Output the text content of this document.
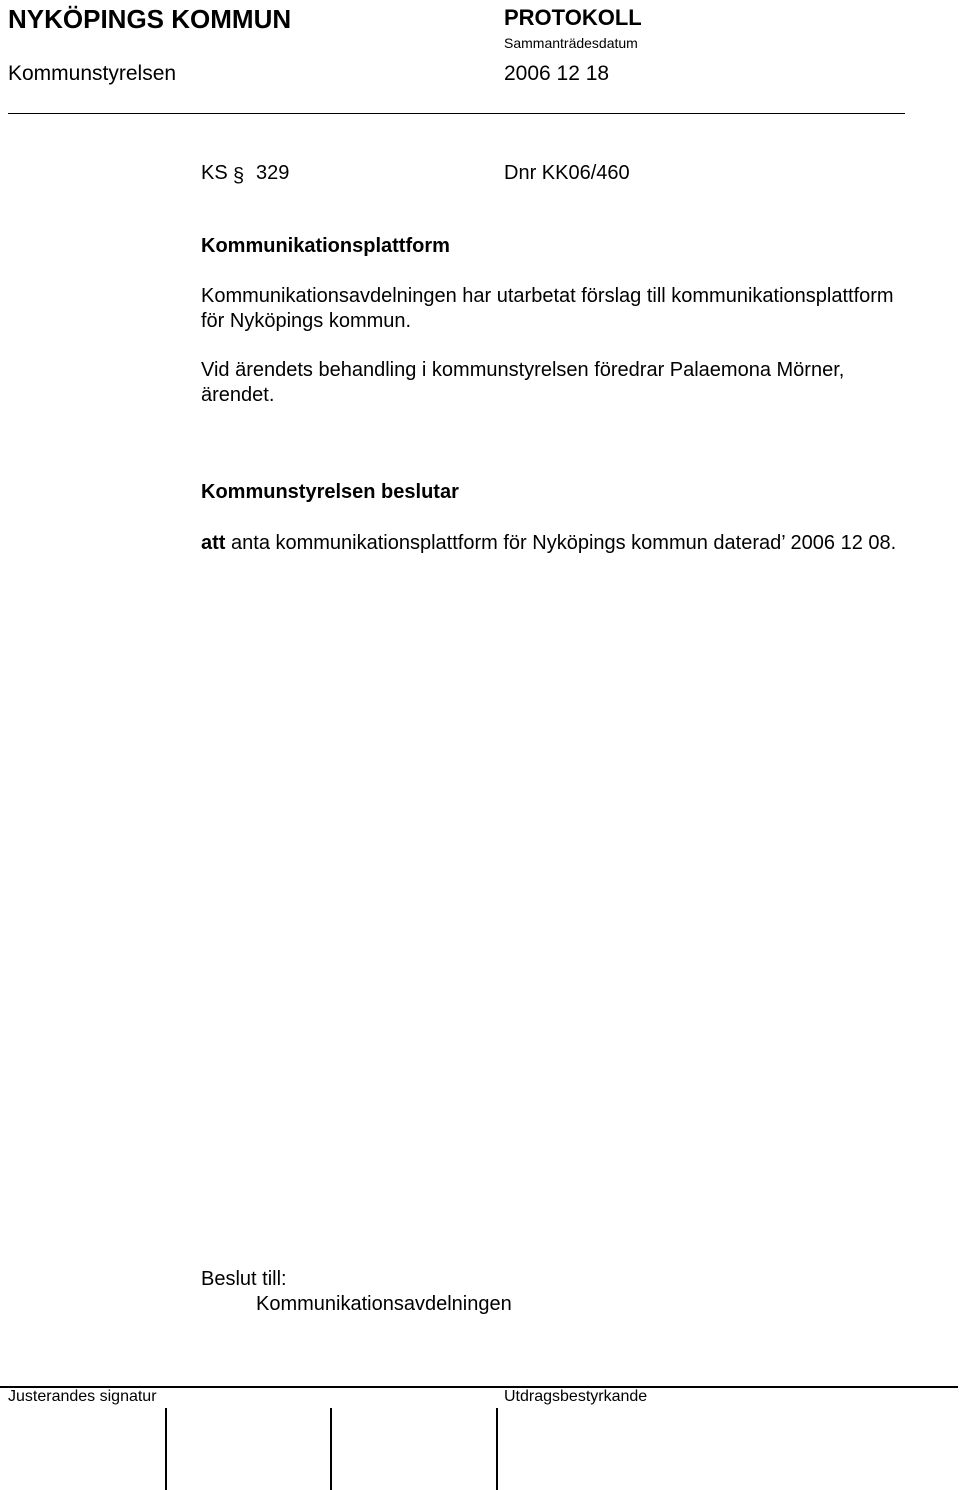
NYKÖPINGS KOMMUN	PROTOKOLL
Sammanträdesdatum
Kommunstyrelsen	2006 12 18
KS § 329	Dnr KK06/460
Kommunikationsplattform
Kommunikationsavdelningen har utarbetat förslag till kommunikationsplattform för Nyköpings kommun.
Vid ärendets behandling i kommunstyrelsen föredrar Palaemona Mörner, ärendet.
Kommunstyrelsen beslutar
att anta kommunikationsplattform för Nyköpings kommun daterad’ 2006 12 08.
Beslut till:
Kommunikationsavdelningen
Justerandes signatur	Utdragsbestyrkande
